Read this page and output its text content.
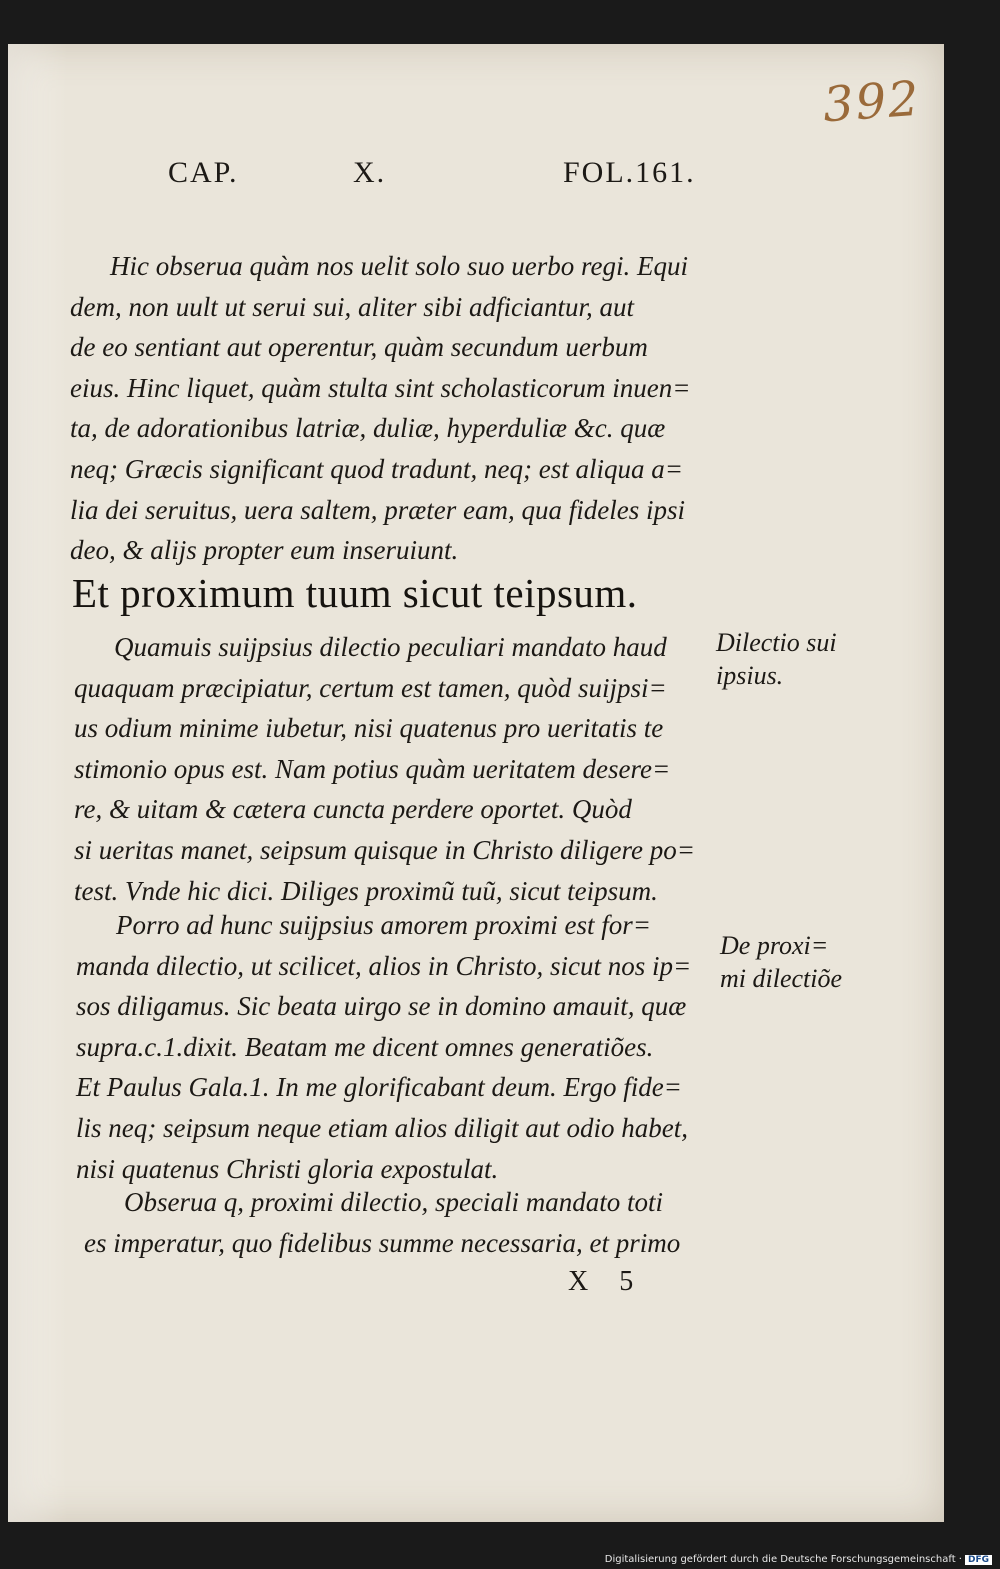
392
CAP.	X.	FOL.161.
Hic obserua quàm nos uelit solo suo uerbo regi. Equi
dem, non uult ut serui sui, aliter sibi adficiantur, aut
de eo sentiant aut operentur, quàm secundum uerbum
eius. Hinc liquet, quàm stulta sint scholasticorum inuen=
ta, de adorationibus latriæ, duliæ, hyperduliæ &c. quæ
neq; Græcis significant quod tradunt, neq; est aliqua a=
lia dei seruitus, uera saltem, præter eam, qua fideles ipsi
deo, & alijs propter eum inseruiunt.
Et proximum tuum sicut teipsum.
Quamuis suijpsius dilectio peculiari mandato haud
quaquam præcipiatur, certum est tamen, quòd suijpsi=
us odium minime iubetur, nisi quatenus pro ueritatis te
stimonio opus est. Nam potius quàm ueritatem desere=
re, & uitam & cætera cuncta perdere oportet. Quòd
si ueritas manet, seipsum quisque in Christo diligere po=
test. Vnde hic dici. Diliges proximũ tuũ, sicut teipsum.
Dilectio sui
ipsius.
Porro ad hunc suijpsius amorem proximi est for=
manda dilectio, ut scilicet, alios in Christo, sicut nos ip=
sos diligamus. Sic beata uirgo se in domino amauit, quæ
supra.c.1.dixit. Beatam me dicent omnes generatiões.
Et Paulus Gala.1. In me glorificabant deum. Ergo fide=
lis neq; seipsum neque etiam alios diligit aut odio habet,
nisi quatenus Christi gloria expostulat.
De proxi=
mi dilectiõe
Obserua q, proximi dilectio, speciali mandato toti
es imperatur, quo fidelibus summe necessaria, et primo
X 5
Digitalisierung gefördert durch die Deutsche Forschungsgemeinschaft · DFG
